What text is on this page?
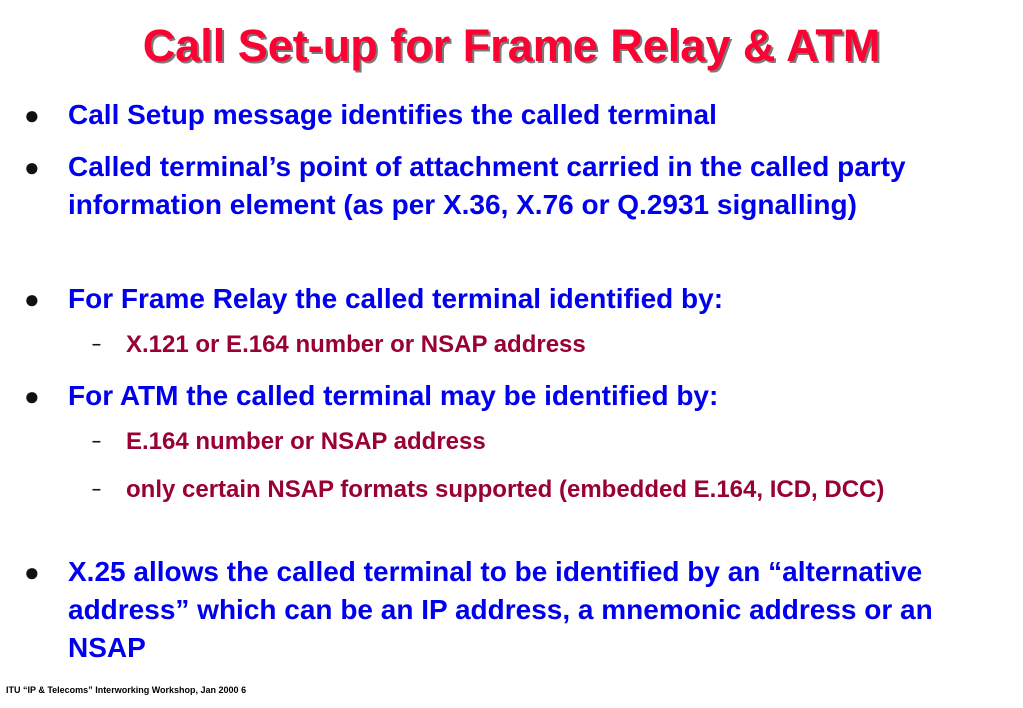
Call Set-up for Frame Relay & ATM
● Call Setup message identifies the called terminal
● Called terminal’s point of attachment carried in the called party information element (as per X.36, X.76 or Q.2931 signalling)
● For Frame Relay the called terminal identified by:
– X.121 or E.164 number or NSAP address
● For ATM the called terminal may be identified by:
– E.164 number or NSAP address
– only certain NSAP formats supported (embedded E.164, ICD, DCC)
● X.25 allows the called terminal to be identified by an “alternative address” which can be an IP address, a mnemonic address or an NSAP
ITU “IP & Telecoms” Interworking Workshop, Jan 2000 6
